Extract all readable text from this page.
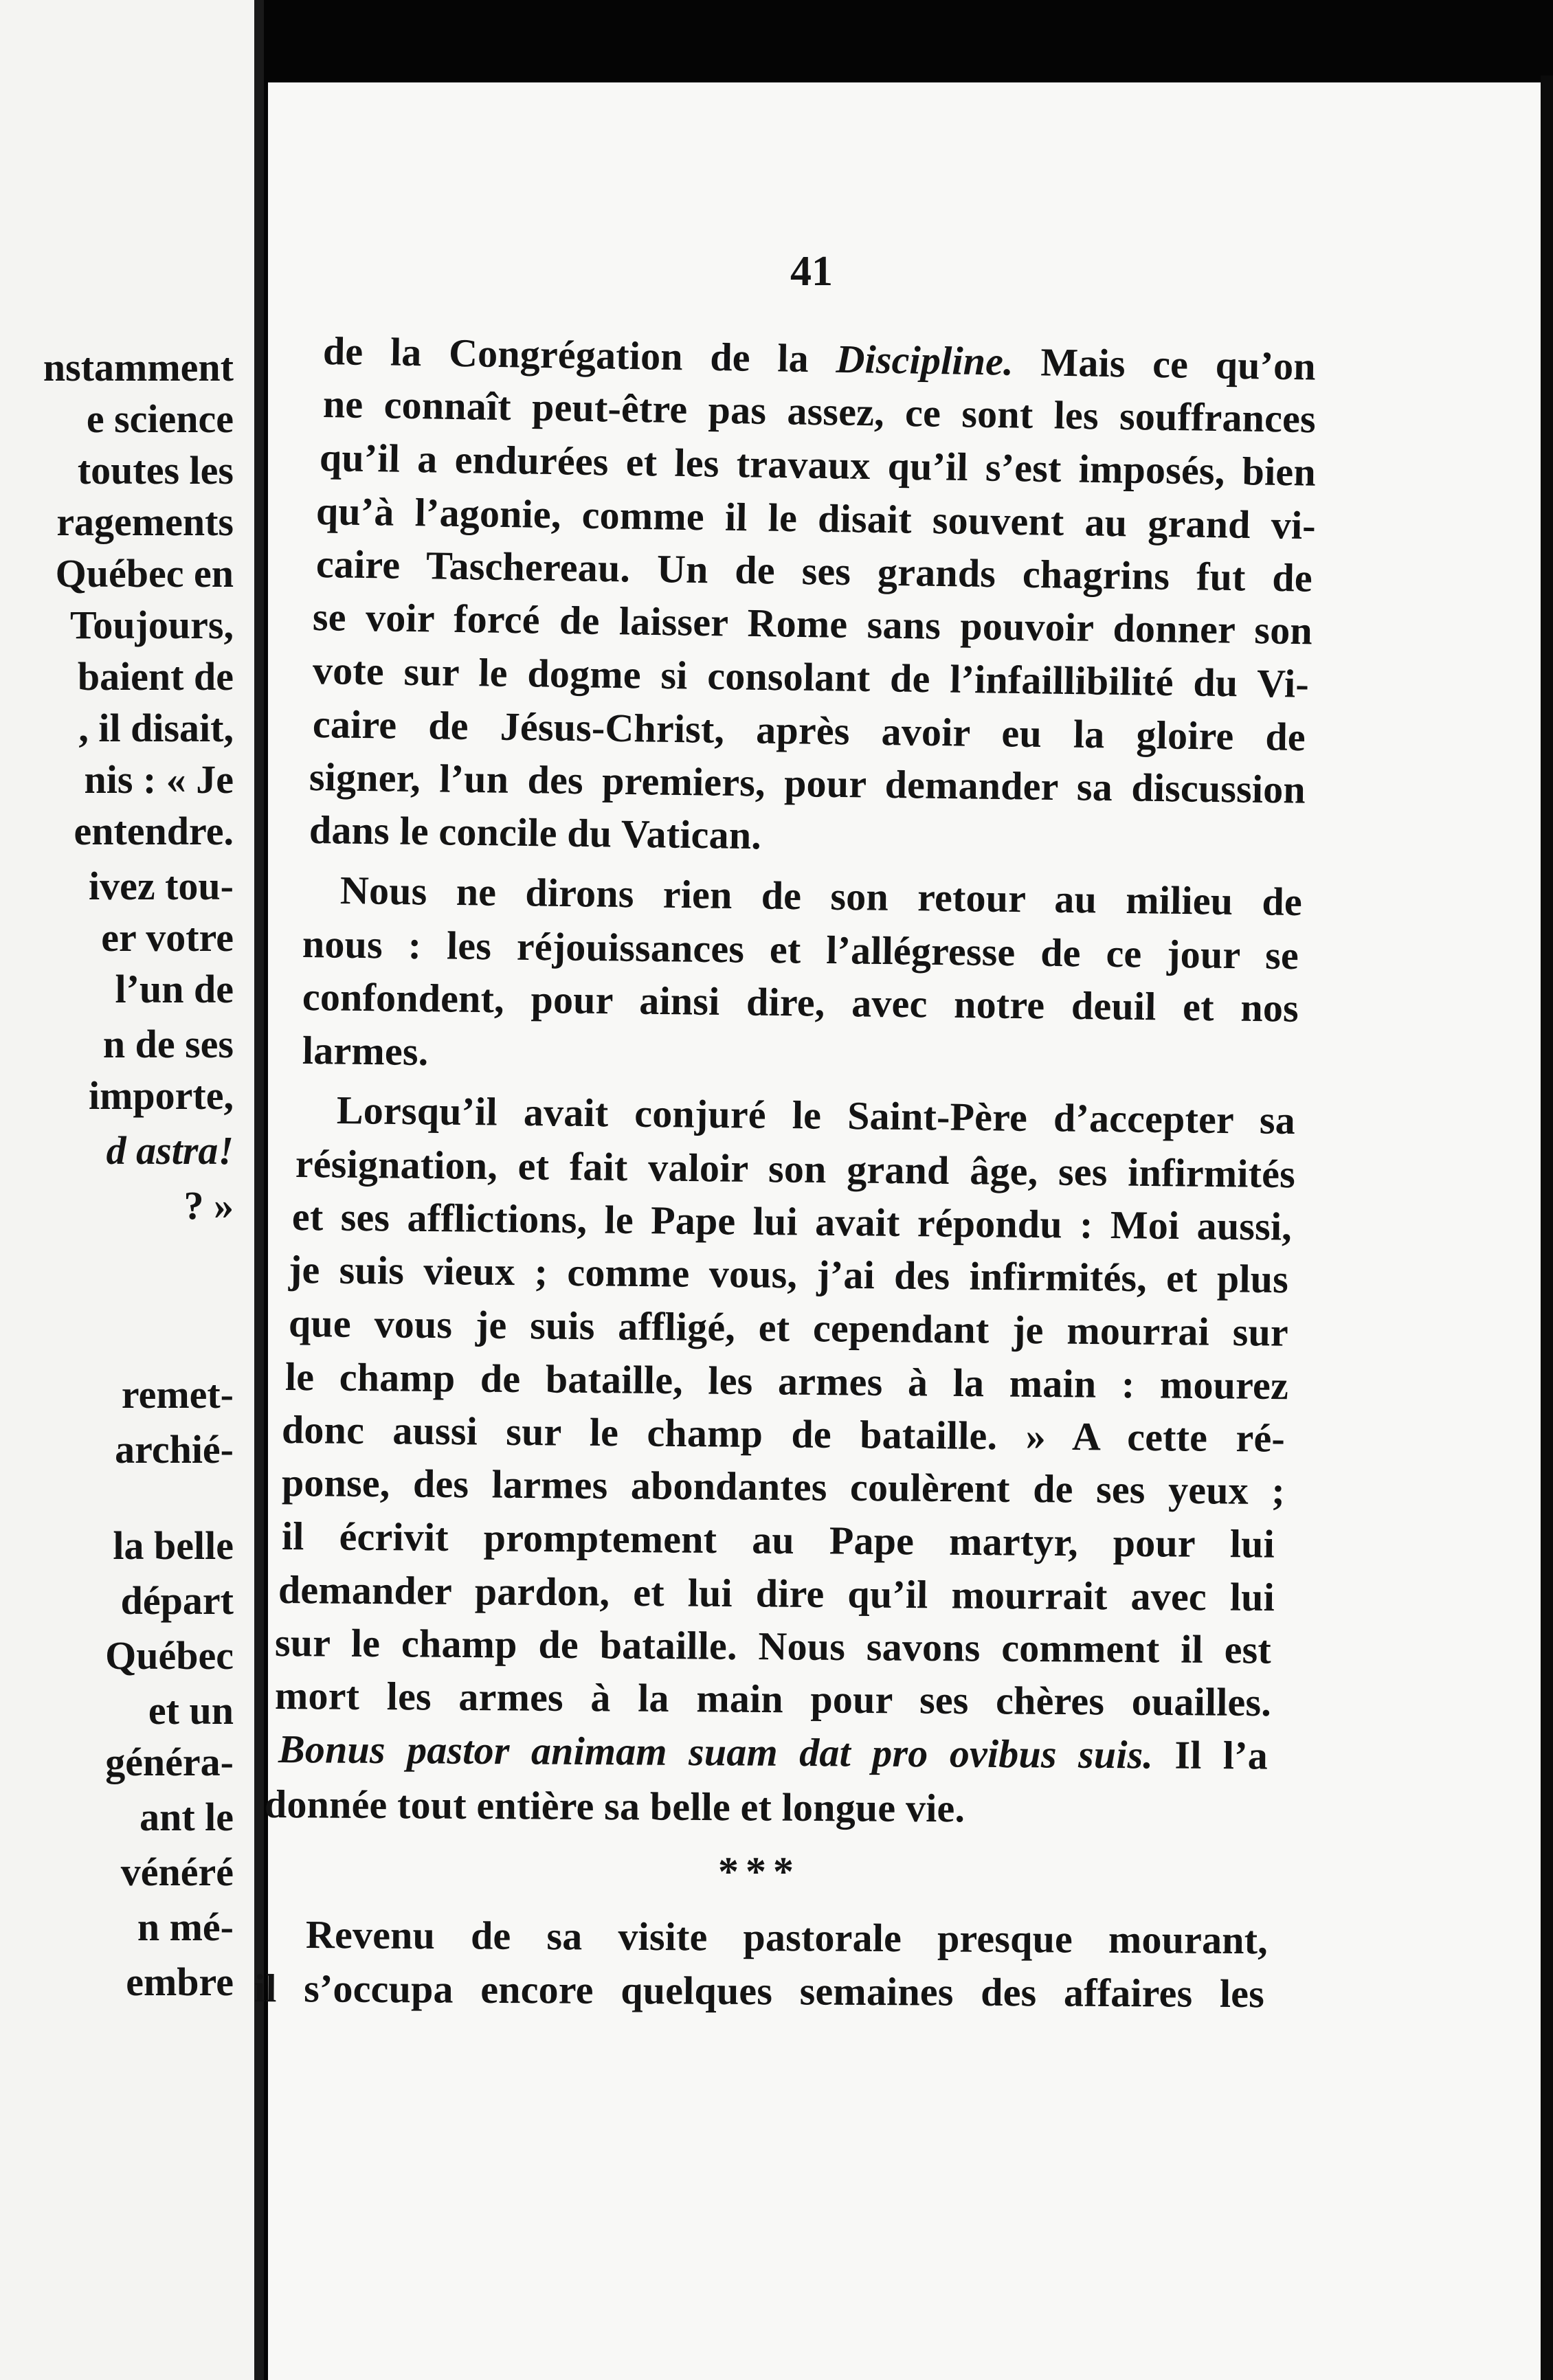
nstamment
e science
toutes les
ragements
Québec en
Toujours,
baient de
, il disait,
nis : « Je
entendre.
ivez tou-
er votre
l’un de
n de ses
importe,
d astra!
? »
remet-
archié-
la belle
départ
Québec
et un
généra-
ant le
vénéré
n mé-
embre
41
de la Congrégation de la Discipline. Mais ce qu’on
ne connaît peut-être pas assez, ce sont les souffrances
qu’il a endurées et les travaux qu’il s’est imposés, bien
qu’à l’agonie, comme il le disait souvent au grand vi-
caire Taschereau. Un de ses grands chagrins fut de
se voir forcé de laisser Rome sans pouvoir donner son
vote sur le dogme si consolant de l’infaillibilité du Vi-
caire de Jésus-Christ, après avoir eu la gloire de
signer, l’un des premiers, pour demander sa discussion
dans le concile du Vatican.
Nous ne dirons rien de son retour au milieu de
nous : les réjouissances et l’allégresse de ce jour se
confondent, pour ainsi dire, avec notre deuil et nos
larmes.
Lorsqu’il avait conjuré le Saint-Père d’accepter sa
résignation, et fait valoir son grand âge, ses infirmités
et ses afflictions, le Pape lui avait répondu : Moi aussi,
je suis vieux ; comme vous, j’ai des infirmités, et plus
que vous je suis affligé, et cependant je mourrai sur
le champ de bataille, les armes à la main : mourez
donc aussi sur le champ de bataille. » A cette ré-
ponse, des larmes abondantes coulèrent de ses yeux ;
il écrivit promptement au Pape martyr, pour lui
demander pardon, et lui dire qu’il mourrait avec lui
sur le champ de bataille. Nous savons comment il est
mort les armes à la main pour ses chères ouailles.
Bonus pastor animam suam dat pro ovibus suis. Il l’a
donnée tout entière sa belle et longue vie.
Revenu de sa visite pastorale presque mourant,
il s’occupa encore quelques semaines des affaires les
***
